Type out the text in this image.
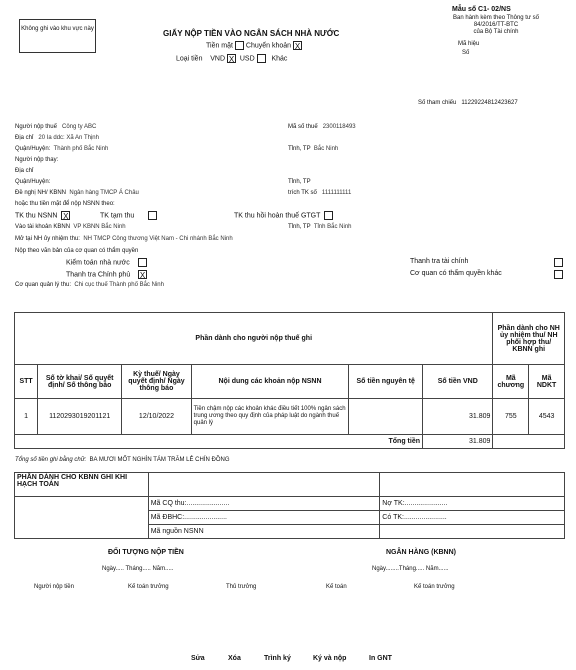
Không ghi vào khu vực này
Mẫu số C1- 02/NS
Ban hành kèm theo Thông tư số
84/2016/TT-BTC
của Bộ Tài chính
Mã hiệu
Số
GIẤY NỘP TIỀN VÀO NGÂN SÁCH NHÀ NƯỚC
Tiền mặt Chuyển khoản X
Loại tiền VND X USD Khác
Số tham chiếu 11229224812423627
Người nộp thuế Công ty ABC	Mã số thuế 2300118493
Địa chỉ 20 Ia ddc: Xã An Thịnh
Quận/Huyện: Thành phố Bắc Ninh	Tỉnh, TP Bắc Ninh
Người nộp thay:
Địa chỉ
Quận/Huyện:	Tỉnh, TP
Đề nghị NH/ KBNN Ngân hàng TMCP Á Châu	trích TK số 1111111111
hoặc thu tiền mặt để nộp NSNN theo:
TK thu NSNN X	TK tạm thu	TK thu hồi hoàn thuế GTGT
Vào tài khoản KBNN VP KBNN Bắc Ninh	Tỉnh, TP Tỉnh Bắc Ninh
Mở tại NH ủy nhiệm thu:  NH TMCP Công thương Việt Nam - Chi nhánh Bắc Ninh
Nộp theo văn bản của cơ quan có thẩm quyền
Kiểm toán nhà nước	Thanh tra tài chính
Thanh tra Chính phủ X	Cơ quan có thẩm quyền khác
Cơ quan quản lý thu:  Chi cục thuế Thành phố Bắc Ninh
Phần dành cho người nộp thuế ghi						Phần dành cho NH ủy nhiệm thu/ NH phối hợp thu/ KBNN ghi	
STT	Số tờ khai/ Số quyết định/ Số thông báo	Kỳ thuế/ Ngày quyết định/ Ngày thông báo	Nội dung các khoản nộp NSNN	Số tiền nguyên tệ	Số tiền VND	Mã chương	Mã NDKT
1	1120293019201121	12/10/2022	Tiền chậm nộp các khoản khác điều tiết 100% ngân sách trung ương theo quy định của pháp luật do ngành thuế quản lý		31.809	755	4543
Tổng tiền					31.809		
Tổng số tiền ghi bằng chữ: BA MƯƠI MỐT NGHÌN TÁM TRĂM LẺ CHÍN ĐỒNG
PHẦN DÀNH CHO KBNN GHI KHI HẠCH TOÁN		
	Mã CQ thu:......................	Nợ TK:......................
	Mã ĐBHC:......................	Có TK:......................
	Mã nguồn NSNN	
ĐỐI TƯỢNG NỘP TIỀN	NGÂN HÀNG (KBNN)
Ngày..... Tháng..... Năm.....	Ngày........Tháng..... Năm......
Người nộp tiền	Kế toán trưởng	Thủ trưởng	Kế toán	Kế toán trưởng
Sửa	Xóa	Trình ký	Ký và nộp	In GNT
